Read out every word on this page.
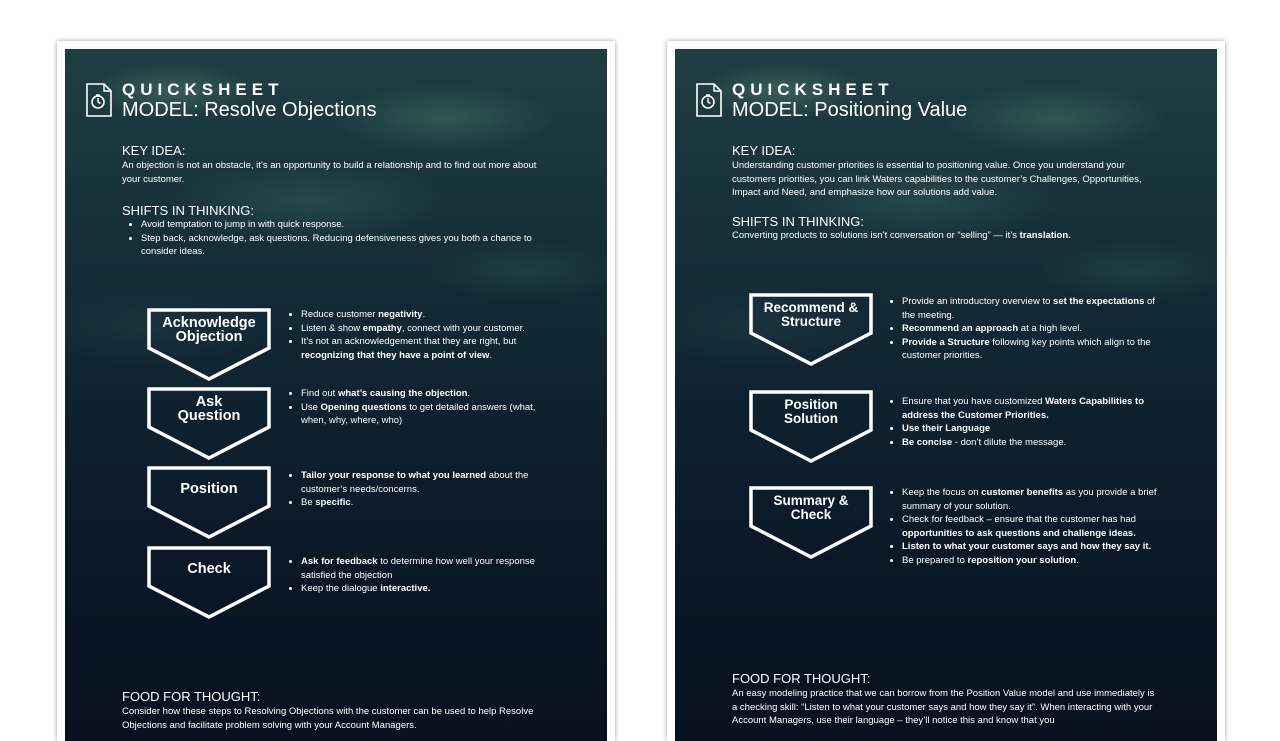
QUICKSHEET
MODEL: Resolve Objections
KEY IDEA:
An objection is not an obstacle, it’s an opportunity to build a relationship and to find out more about your customer.
SHIFTS IN THINKING:
• Avoid temptation to jump in with quick response.
• Step back, acknowledge, ask questions. Reducing defensiveness gives you both a chance to consider ideas.
Acknowledge
Objection
• Reduce customer negativity.
• Listen & show empathy, connect with your customer.
• It’s not an acknowledgement that they are right, but recognizing that they have a point of view.
Ask
Question
• Find out what’s causing the objection.
• Use Opening questions to get detailed answers (what, when, why, where, who)
Position
• Tailor your response to what you learned about the customer’s needs/concerns.
• Be specific.
Check
•	Ask for feedback to determine how well your response satisfied the objection
• Keep the dialogue interactive.
FOOD FOR THOUGHT:
Consider how these steps to Resolving Objections with the customer can be used to help Resolve Objections and facilitate problem solving with your Account Managers.
QUICKSHEET
MODEL: Positioning Value
KEY IDEA:
Understanding customer priorities is essential to positioning value. Once you understand your customers priorities, you can link Waters capabilities to the customer’s Challenges, Opportunities, Impact and Need, and emphasize how our solutions add value.
SHIFTS IN THINKING:
Converting products to solutions isn’t conversation or “selling” — it’s translation.
Recommend &
Structure
• Provide an introductory overview to set the expectations of the meeting.
• Recommend an approach at a high level.
• Provide a Structure following key points which align to the customer priorities.
Position
Solution
• Ensure that you have customized Waters Capabilities to address the Customer Priorities.
• Use their Language
• Be concise - don’t dilute the message.
Summary &
Check
• Keep the focus on customer benefits as you provide a brief summary of your solution.
• Check for feedback – ensure that the customer has had opportunities to ask questions and challenge ideas.
• Listen to what your customer says and how they say it.
• Be prepared to reposition your solution.
FOOD FOR THOUGHT:
An easy modeling practice that we can borrow from the Position Value model and use immediately is a checking skill: “Listen to what your customer says and how they say it”. When interacting with your Account Managers, use their language – they’ll notice this and know that you
